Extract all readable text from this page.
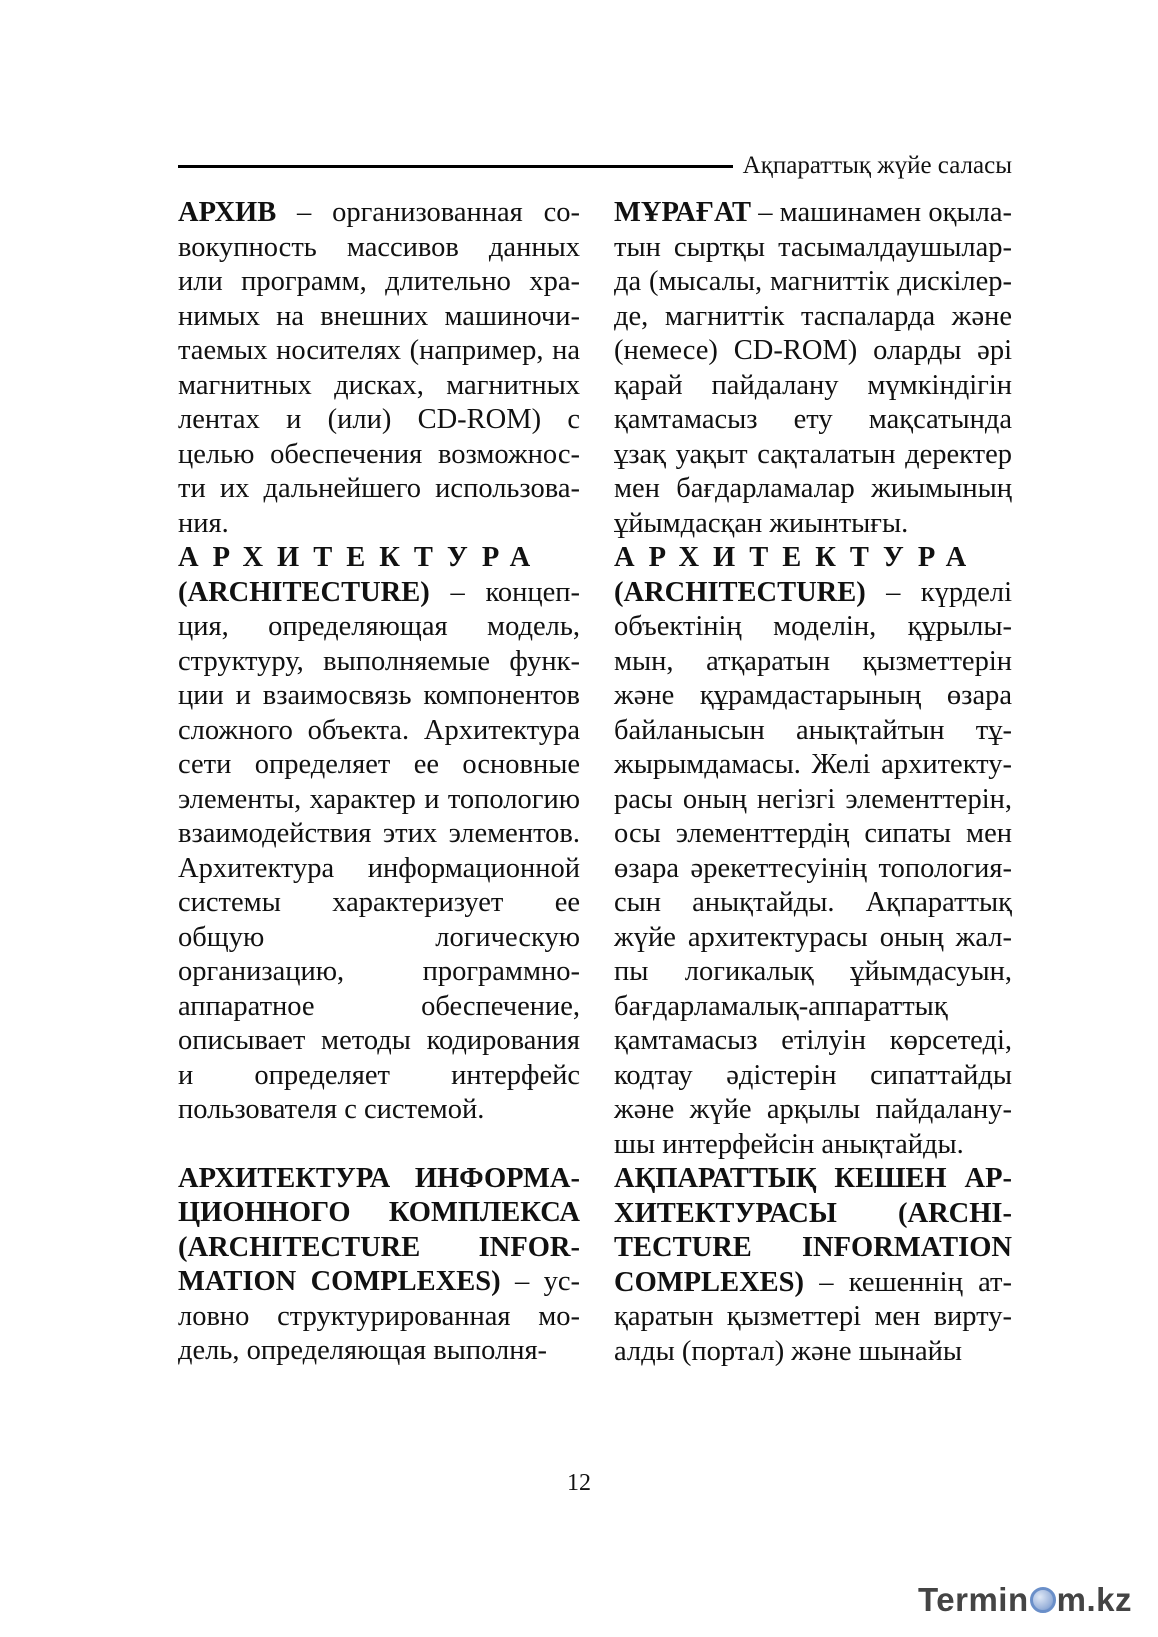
Ақпараттық жүйе саласы

АРХИВ – организованная совокупность массивов данных или программ, длительно хранимых на внешних машиночитаемых носителях (например, на магнитных дисках, магнитных лентах и (или) CD-ROM) с целью обеспечения возможности их дальнейшего использования.

АРХИТЕКТУРА
(ARCHITECTURE) – концепция, определяющая модель, структуру, выполняемые функции и взаимосвязь компонентов сложного объекта. Архитектура сети определяет ее основные элементы, характер и топологию взаимодействия этих элементов. Архитектура информационной системы характеризует ее общую логическую организацию, программно-аппаратное обеспечение, описывает методы кодирования и определяет интерфейс пользователя с системой.

АРХИТЕКТУРА ИНФОРМАЦИОННОГО КОМПЛЕКСА (ARCHITECTURE INFORMATION COMPLEXES) – условно структурированная модель, определяющая выполня-

МҰРАҒАТ – машинамен оқылатын сыртқы тасымалдаушыларда (мысалы, магниттік дискілерде, магниттік таспаларда және (немесе) CD-ROM) оларды әрі қарай пайдалану мүмкіндігін қамтамасыз ету мақсатында ұзақ уақыт сақталатын деректер мен бағдарламалар жиымының ұйымдасқан жиынтығы.

АРХИТЕКТУРА
(ARCHITECTURE) – күрделі объектінің моделін, құрылымын, атқаратын қызметтерін және құрамдастарының өзара байланысын анықтайтын тұжырымдамасы. Желі архитектурасы оның негізгі элементтерін, осы элементтердің сипаты мен өзара әрекеттесуінің топологиясын анықтайды. Ақпараттық жүйе архитектурасы оның жалпы логикалық ұйымдасуын, бағдарламалық-аппараттық қамтамасыз етілуін көрсетеді, кодтау әдістерін сипаттайды және жүйе арқылы пайдаланушы интерфейсін анықтайды.

АҚПАРАТТЫҚ КЕШЕН АРХИТЕКТУРАСЫ (ARCHITECTURE INFORMATION COMPLEXES) – кешеннің атқаратын қызметтері мен виртуалды (портал) және шынайы

12
Termin m.kz
